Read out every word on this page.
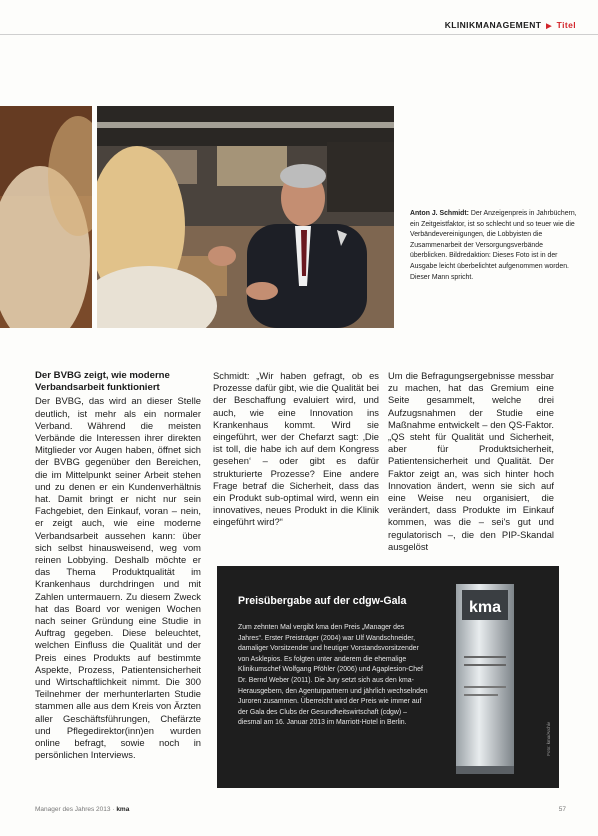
KLINIKMANAGEMENT ▶ Titel
Anton J. Schmidt: Der Anzeigenpreis in Jahrbüchern, ein Zeitgeistfaktor, ist so schlecht und so teuer wie die Verbändevereinigungen, die Lobbyisten die Zusammenarbeit der Versorgungsverbände überblicken. Bildredaktion: Dieses Foto ist in der Ausgabe leicht überbelichtet aufgenommen worden. Dieser Mann spricht.
Der BVBG zeigt, wie moderne Verbandsarbeit funktioniert

Der BVBG, das wird an dieser Stelle deutlich, ist mehr als ein normaler Verband. Während die meisten Verbände die Interessen ihrer direkten Mitglieder vor Augen haben, öffnet sich der BVBG gegenüber den Bereichen, die im Mittelpunkt seiner Arbeit stehen und zu denen er ein Kundenverhältnis hat. Damit bringt er nicht nur sein Fachgebiet, den Einkauf, voran – nein, er zeigt auch, wie eine moderne Verbandsarbeit aussehen kann: über sich selbst hinausweisend, weg vom reinen Lobbying. Deshalb möchte er das Thema Produktqualität im Krankenhaus durchdringen und mit Zahlen untermauern. Zu diesem Zweck hat das Board vor wenigen Wochen nach seiner Gründung eine Studie in Auftrag gegeben. Diese beleuchtet, welchen Einfluss die Qualität und der Preis eines Produkts auf bestimmte Aspekte, Prozess, Patientensicherheit und Wirtschaftlichkeit nimmt. Die 300 Teilnehmer der merhunterlarten Studie stammen alle aus dem Kreis von Ärzten aller Geschäftsführungen, Chefärzte und Pflegedirektor(inn)en wurden online befragt, sowie noch in persönlichen Interviews.

Schmidt: „Wir haben gefragt, ob es Prozesse dafür gibt, wie die Qualität bei der Beschaffung evaluiert wird, und auch, wie eine Innovation ins Krankenhaus kommt. Wird sie eingeführt, wer der Chefarzt sagt: ‚Die ist toll, die habe ich auf dem Kongress gesehen‘ – oder gibt es dafür strukturierte Prozesse? Eine andere Frage betraf die Sicherheit, dass das ein Produkt sub-optimal wird, wenn ein innovatives, neues Produkt in die Klinik eingeführt wird?“

Um die Befragungsergebnisse messbar zu machen, hat das Gremium eine Seite gesammelt, welche drei Aufzugsnahmen der Studie eine Maßnahme entwickelt – den QS-Faktor. „QS steht für Qualität und Sicherheit, aber für Produktsicherheit, Patientensicherheit und Qualität. Der Faktor zeigt an, was sich hinter hoch Innovation ändert, wenn sie sich auf eine Weise neu organisiert, die verändert, dass Produkte im Einkauf kommen, was die – sei's gut und regulatorisch –, die den PIP-Skandal ausgelöst

Preisübergabe auf der cdgw-Gala
Zum zehnten Mal vergibt kma den Preis „Manager des Jahres“. Erster Preisträger (2004) war Ulf Wandschneider, damaliger Vorsitzender und heutiger Vorstandsvorsitzender von Asklepios. Es folgten unter anderem die ehemalige Klinikumschef Wolfgang Pföhler (2006) und Agaplesion-Chef Dr. Bernd Weber (2011). Die Jury setzt sich aus den kma-Herausgebern, den Agenturpartnern und jährlich wechselnden Juroren zusammen. Überreicht wird der Preis wie immer auf der Gala des Clubs der Gesundheitswirtschaft (cdgw) – diesmal am 16. Januar 2013 im Marriott-Hotel in Berlin.
kma
Foto: kma/Archiv
Manager des Jahres 2013 · kma	57
